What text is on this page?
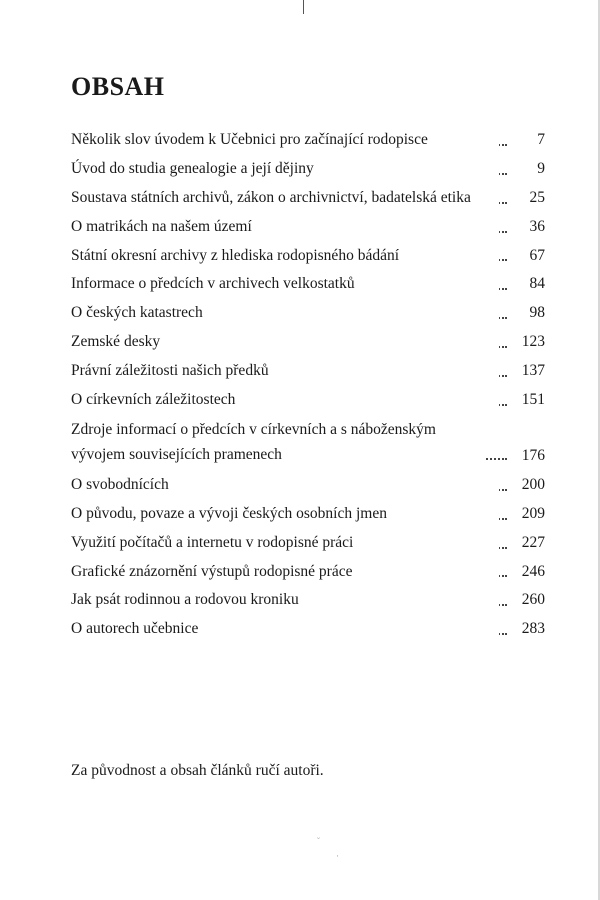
OBSAH
Několik slov úvodem k Učebnici pro začínající rodopisce	7
Úvod do studia genealogie a její dějiny	9
Soustava státních archivů, zákon o archivnictví, badatelská etika	25
O matrikách na našem území	36
Státní okresní archivy z hlediska rodopisného bádání	67
Informace o předcích v archivech velkostatků	84
O českých katastrech	98
Zemské desky	123
Právní záležitosti našich předků	137
O církevních záležitostech	151
Zdroje informací o předcích v církevních a s náboženským vývojem souvisejících pramenech	176
O svobodnících	200
O původu, povaze a vývoji českých osobních jmen	209
Využití počítačů a internetu v rodopisné práci	227
Grafické znázornění výstupů rodopisné práce	246
Jak psát rodinnou a rodovou kroniku	260
O autorech učebnice	283

Za původnost a obsah článků ručí autoři.

˘
·
